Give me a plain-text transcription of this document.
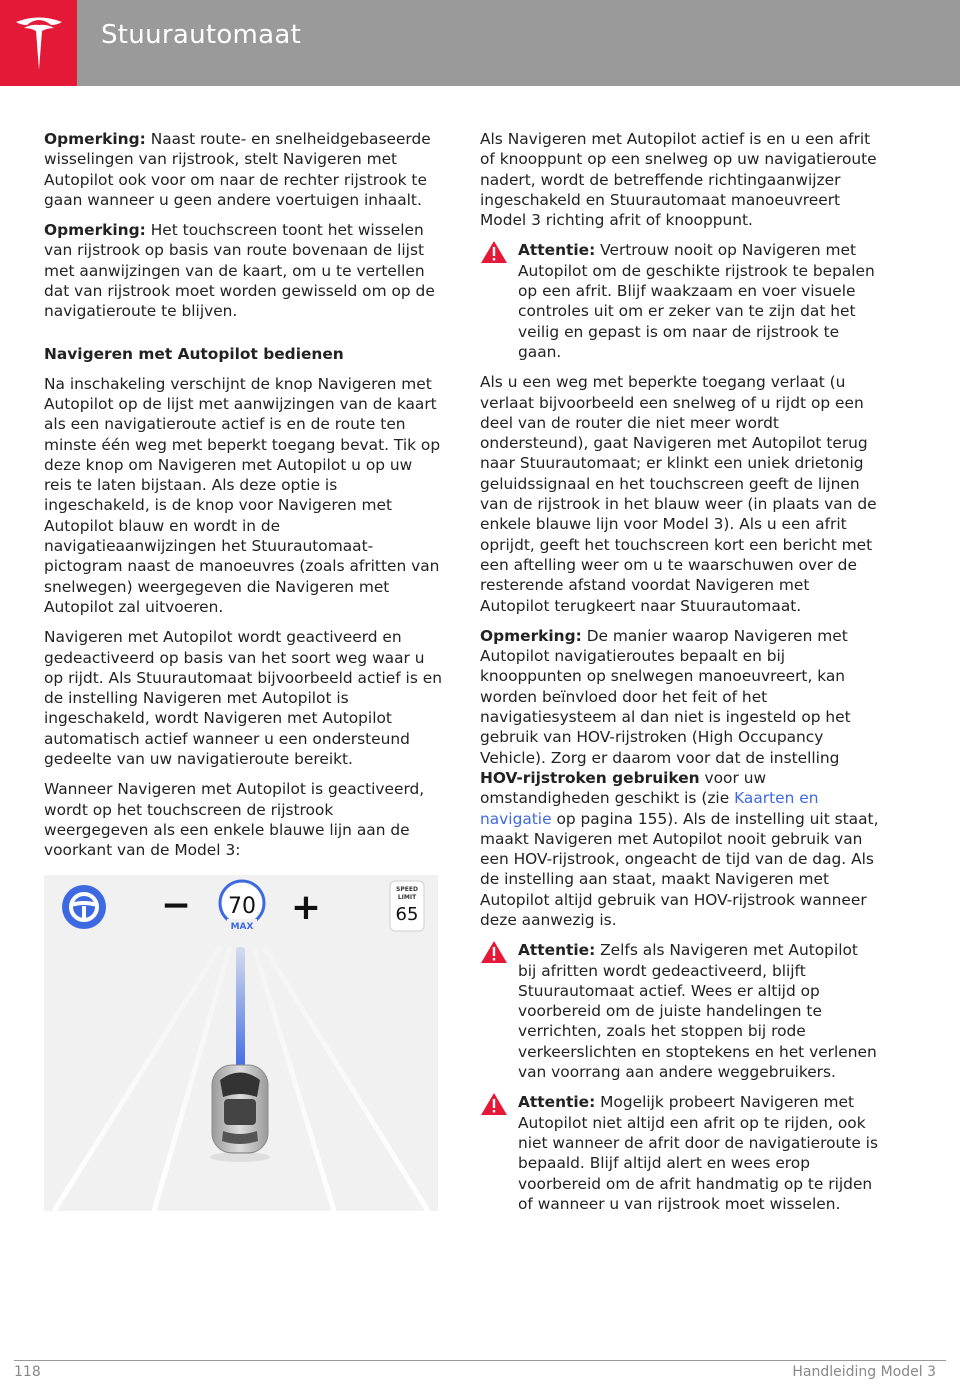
Stuurautomaat

Opmerking: Naast route- en snelheidgebaseerde wisselingen van rijstrook, stelt Navigeren met Autopilot ook voor om naar de rechter rijstrook te gaan wanneer u geen andere voertuigen inhaalt.

Opmerking: Het touchscreen toont het wisselen van rijstrook op basis van route bovenaan de lijst met aanwijzingen van de kaart, om u te vertellen dat van rijstrook moet worden gewisseld om op de navigatieroute te blijven.

Navigeren met Autopilot bedienen

Na inschakeling verschijnt de knop Navigeren met Autopilot op de lijst met aanwijzingen van de kaart als een navigatieroute actief is en de route ten minste één weg met beperkt toegang bevat. Tik op deze knop om Navigeren met Autopilot u op uw reis te laten bijstaan. Als deze optie is ingeschakeld, is de knop voor Navigeren met Autopilot blauw en wordt in de navigatieaanwijzingen het Stuurautomaat-pictogram naast de manoeuvres (zoals afritten van snelwegen) weergegeven die Navigeren met Autopilot zal uitvoeren.

Navigeren met Autopilot wordt geactiveerd en gedeactiveerd op basis van het soort weg waar u op rijdt. Als Stuurautomaat bijvoorbeeld actief is en de instelling Navigeren met Autopilot is ingeschakeld, wordt Navigeren met Autopilot automatisch actief wanneer u een ondersteund gedeelte van uw navigatieroute bereikt.

Wanneer Navigeren met Autopilot is geactiveerd, wordt op het touchscreen de rijstrook weergegeven als een enkele blauwe lijn aan de voorkant van de Model 3:

− 70
MAX +	SPEED
LIMIT
65

Als Navigeren met Autopilot actief is en u een afrit of knooppunt op een snelweg op uw navigatieroute nadert, wordt de betreffende richtingaanwijzer ingeschakeld en Stuurautomaat manoeuvreert Model 3 richting afrit of knooppunt.

Attentie: Vertrouw nooit op Navigeren met Autopilot om de geschikte rijstrook te bepalen op een afrit. Blijf waakzaam en voer visuele controles uit om er zeker van te zijn dat het veilig en gepast is om naar de rijstrook te gaan.

Als u een weg met beperkte toegang verlaat (u verlaat bijvoorbeeld een snelweg of u rijdt op een deel van de router die niet meer wordt ondersteund), gaat Navigeren met Autopilot terug naar Stuurautomaat; er klinkt een uniek drietonig geluidssignaal en het touchscreen geeft de lijnen van de rijstrook in het blauw weer (in plaats van de enkele blauwe lijn voor Model 3). Als u een afrit oprijdt, geeft het touchscreen kort een bericht met een aftelling weer om u te waarschuwen over de resterende afstand voordat Navigeren met Autopilot terugkeert naar Stuurautomaat.

Opmerking: De manier waarop Navigeren met Autopilot navigatieroutes bepaalt en bij knooppunten op snelwegen manoeuvreert, kan worden beïnvloed door het feit of het navigatiesysteem al dan niet is ingesteld op het gebruik van HOV-rijstroken (High Occupancy Vehicle). Zorg er daarom voor dat de instelling HOV-rijstroken gebruiken voor uw omstandigheden geschikt is (zie Kaarten en navigatie op pagina 155). Als de instelling uit staat, maakt Navigeren met Autopilot nooit gebruik van een HOV-rijstrook, ongeacht de tijd van de dag. Als de instelling aan staat, maakt Navigeren met Autopilot altijd gebruik van HOV-rijstrook wanneer deze aanwezig is.

Attentie: Zelfs als Navigeren met Autopilot bij afritten wordt gedeactiveerd, blijft Stuurautomaat actief. Wees er altijd op voorbereid om de juiste handelingen te verrichten, zoals het stoppen bij rode verkeerslichten en stoptekens en het verlenen van voorrang aan andere weggebruikers.
Attentie: Mogelijk probeert Navigeren met Autopilot niet altijd een afrit op te rijden, ook niet wanneer de afrit door de navigatieroute is bepaald. Blijf altijd alert en wees erop voorbereid om de afrit handmatig op te rijden of wanneer u van rijstrook moet wisselen.
118	Handleiding Model 3
